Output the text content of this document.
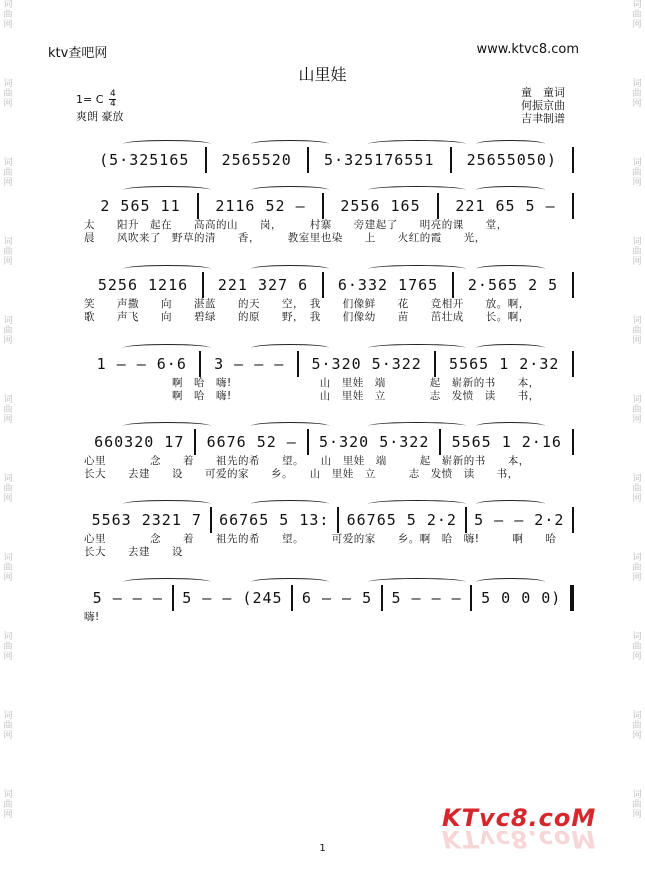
词
曲
网
词
曲
网
词
曲
网
词
曲
网
词
曲
网
词
曲
网
词
曲
网
词
曲
网
词
曲
网
词
曲
网
词
曲
网
词
曲
网
词
曲
网
词
曲
网
词
曲
网
词
曲
网
词
曲
网
词
曲
网
词
曲
网
词
曲
网
词
曲
网
词
曲
网
ktv查吧网	www.ktvc8.com
山里娃
1= C 4
4
爽朗 豪放
童　童词
何振京曲
吉聿制谱
(5·325165	2565520	5·325176551	25655050)
2 565 11	2116 52 —	2556 165	221 65 5 —
太　　阳升　起在　　高高的山　　岗，　　　村寨　　旁建起了　　明亮的课　　堂，
晨　　风吹来了　野草的清　　香，　　　教室里也染　　上　　火红的霞　　光，
5256 1216	221 327 6	6·332 1765	2·565 2 5
笑　　声撒　　向　　湛蓝　　的天　　空，　我　　们像鲜　　花　　竞相开　　放。啊，
歌　　声飞　　向　　碧绿　　的原　　野，　我　　们像幼　　苗　　茁壮成　　长。啊，
1 — — 6·6	3 — — —	5·320 5·322	5565 1 2·32
　　　　　　　　啊　哈　嗨!　　　　　　　　山　里娃　端　　　　起　崭新的书　　本，
　　　　　　　　啊　哈　嗨!　　　　　　　　山　里娃　立　　　　志　发愤　读　　书，
660320 17	6676 52 —	5·320 5·322	5565 1 2·16
心里　　　　念　　着　　祖先的希　　望。　　山　里娃　端　　　起　崭新的书　　本，
长大　　去建　　设　　可爱的家　　乡。　　山　里娃　立　　　志　发愤　读　　书，
5563 2321 7	66765 5 13:	66765 5 2·2	5 — — 2·2
心里　　　　念　　着　　祖先的希　　望。　　　可爱的家　　乡。啊　哈　嗨!　　　啊　　哈
长大　　去建　　设
5 — — —	5 — — (245	6 — — 5	5 — — —	5 0 0 0)
嗨!
1
KTvc8.coM
KTvc8.coM
